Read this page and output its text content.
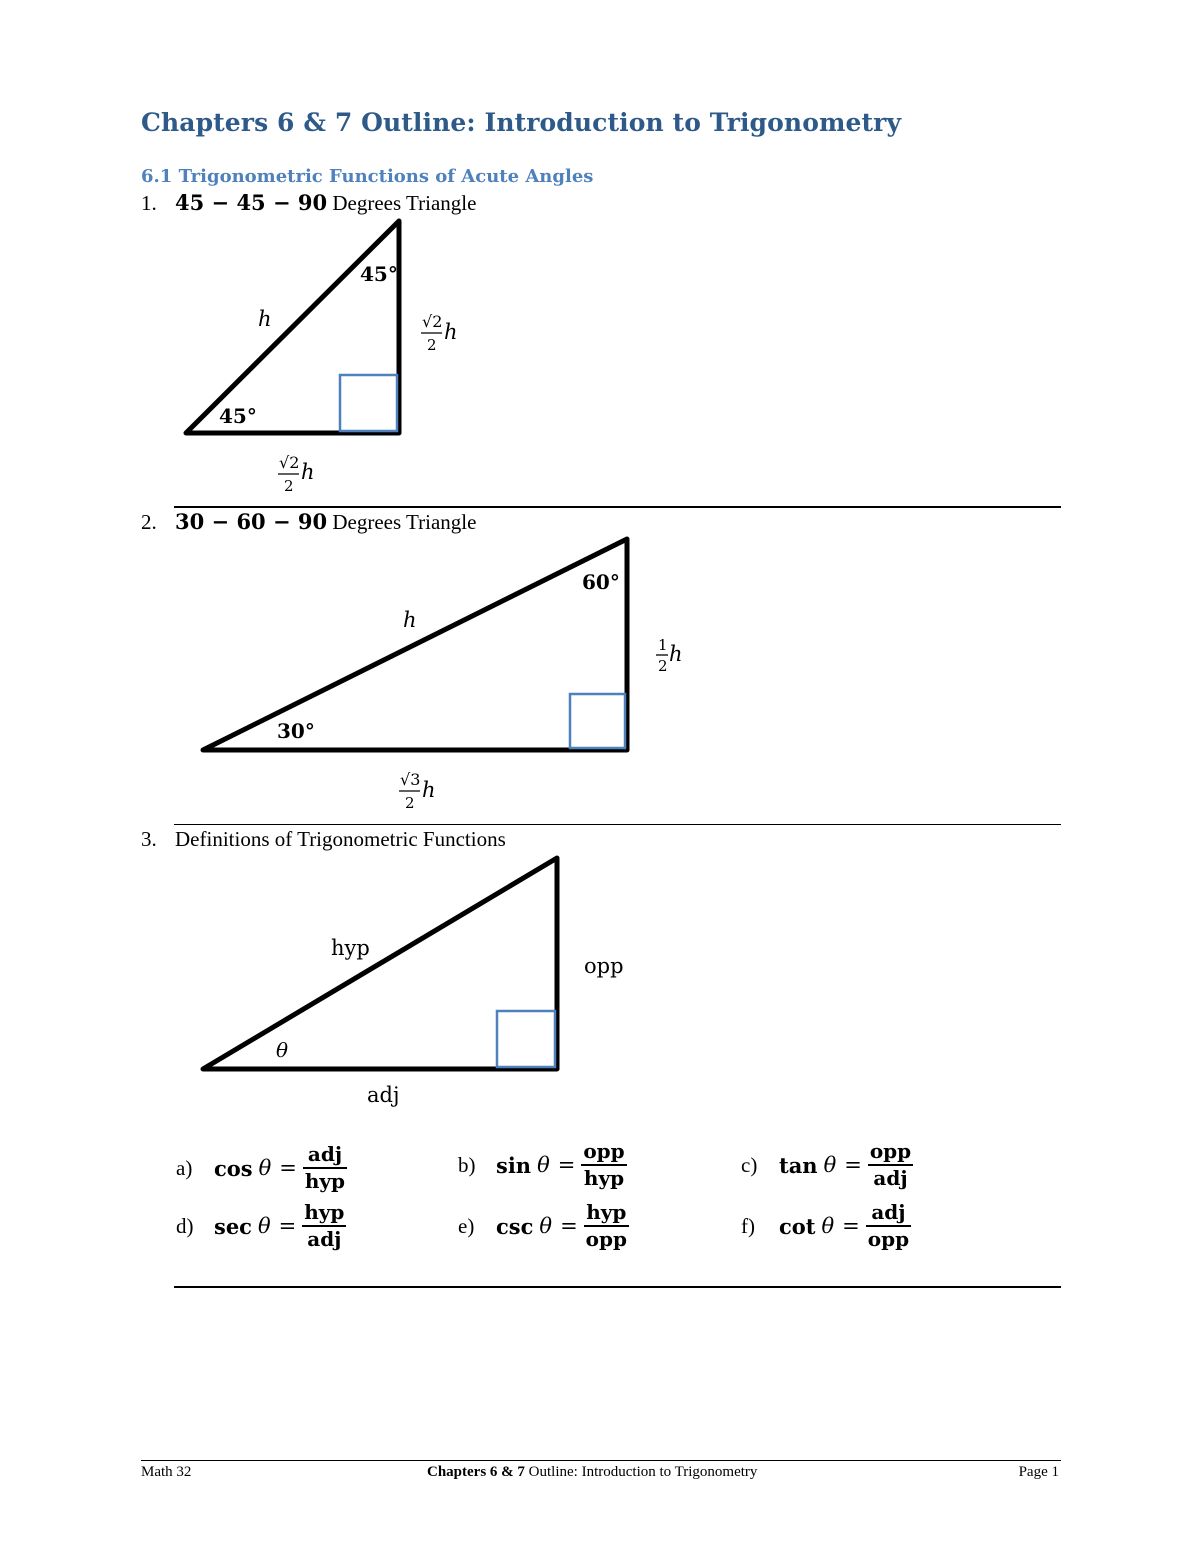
Chapters 6 & 7 Outline: Introduction to Trigonometry
6.1 Trigonometric Functions of Acute Angles
1. 45 − 45 − 90 Degrees Triangle
45°
45°
h	√2
2
h
√2
2
h
60°
30°
h
1
2 h
√3
2
h
θ
hyp
opp
adj
2. 30 − 60 − 90 Degrees Triangle
3. Definitions of Trigonometric Functions
a)	$\cos \theta = \frac{\text{adj}}{\text{hyp}}$	b) $\sin \theta = \frac{\text{opp}}{\text{hyp}}$	c)	$\tan \theta = \frac{\text{opp}}{\text{adj}}$
d) $\sec \theta = \frac{\text{hyp}}{\text{adj}}$	e)	$\csc \theta = \frac{\text{hyp}}{\text{opp}}$	f)	$\cot \theta = \frac{\text{adj}}{\text{opp}}$
Math 32	Chapters 6 & 7 Outline: Introduction to Trigonometry	Page 1
